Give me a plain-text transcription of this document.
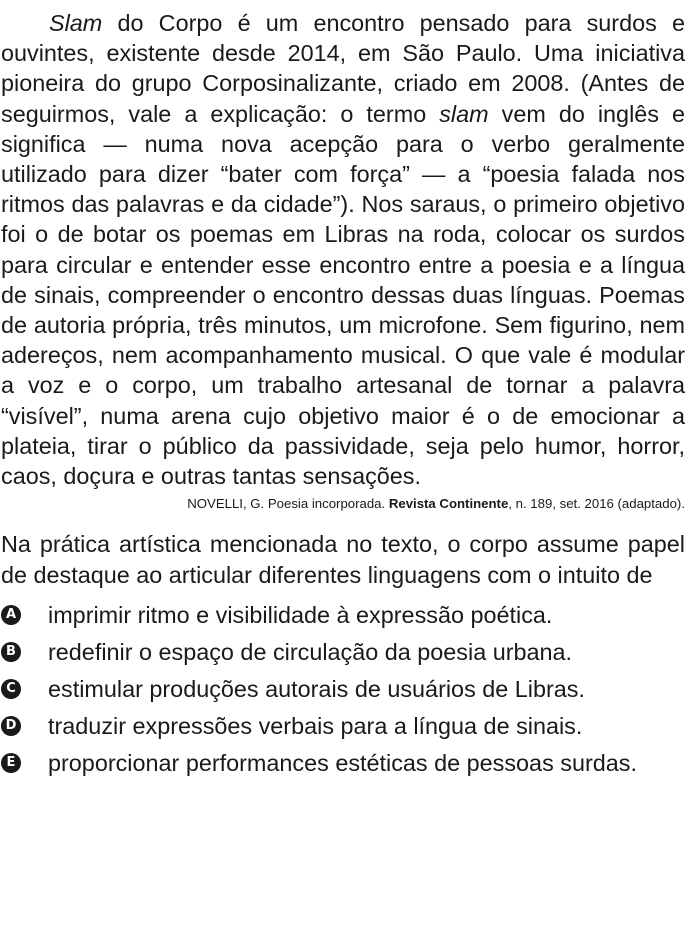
Slam do Corpo é um encontro pensado para surdos e ouvintes, existente desde 2014, em São Paulo. Uma iniciativa pioneira do grupo Corposinalizante, criado em 2008. (Antes de seguirmos, vale a explicação: o termo slam vem do inglês e significa — numa nova acepção para o verbo geralmente utilizado para dizer “bater com força” — a “poesia falada nos ritmos das palavras e da cidade”). Nos saraus, o primeiro objetivo foi o de botar os poemas em Libras na roda, colocar os surdos para circular e entender esse encontro entre a poesia e a língua de sinais, compreender o encontro dessas duas línguas. Poemas de autoria própria, três minutos, um microfone. Sem figurino, nem adereços, nem acompanhamento musical. O que vale é modular a voz e o corpo, um trabalho artesanal de tornar a palavra “visível”, numa arena cujo objetivo maior é o de emocionar a plateia, tirar o público da passividade, seja pelo humor, horror, caos, doçura e outras tantas sensações.

NOVELLI, G. Poesia incorporada. Revista Continente, n. 189, set. 2016 (adaptado).

Na prática artística mencionada no texto, o corpo assume papel de destaque ao articular diferentes linguagens com o intuito de

A imprimir ritmo e visibilidade à expressão poética.
B redefinir o espaço de circulação da poesia urbana.
C estimular produções autorais de usuários de Libras.
D traduzir expressões verbais para a língua de sinais.
E proporcionar performances estéticas de pessoas surdas.
